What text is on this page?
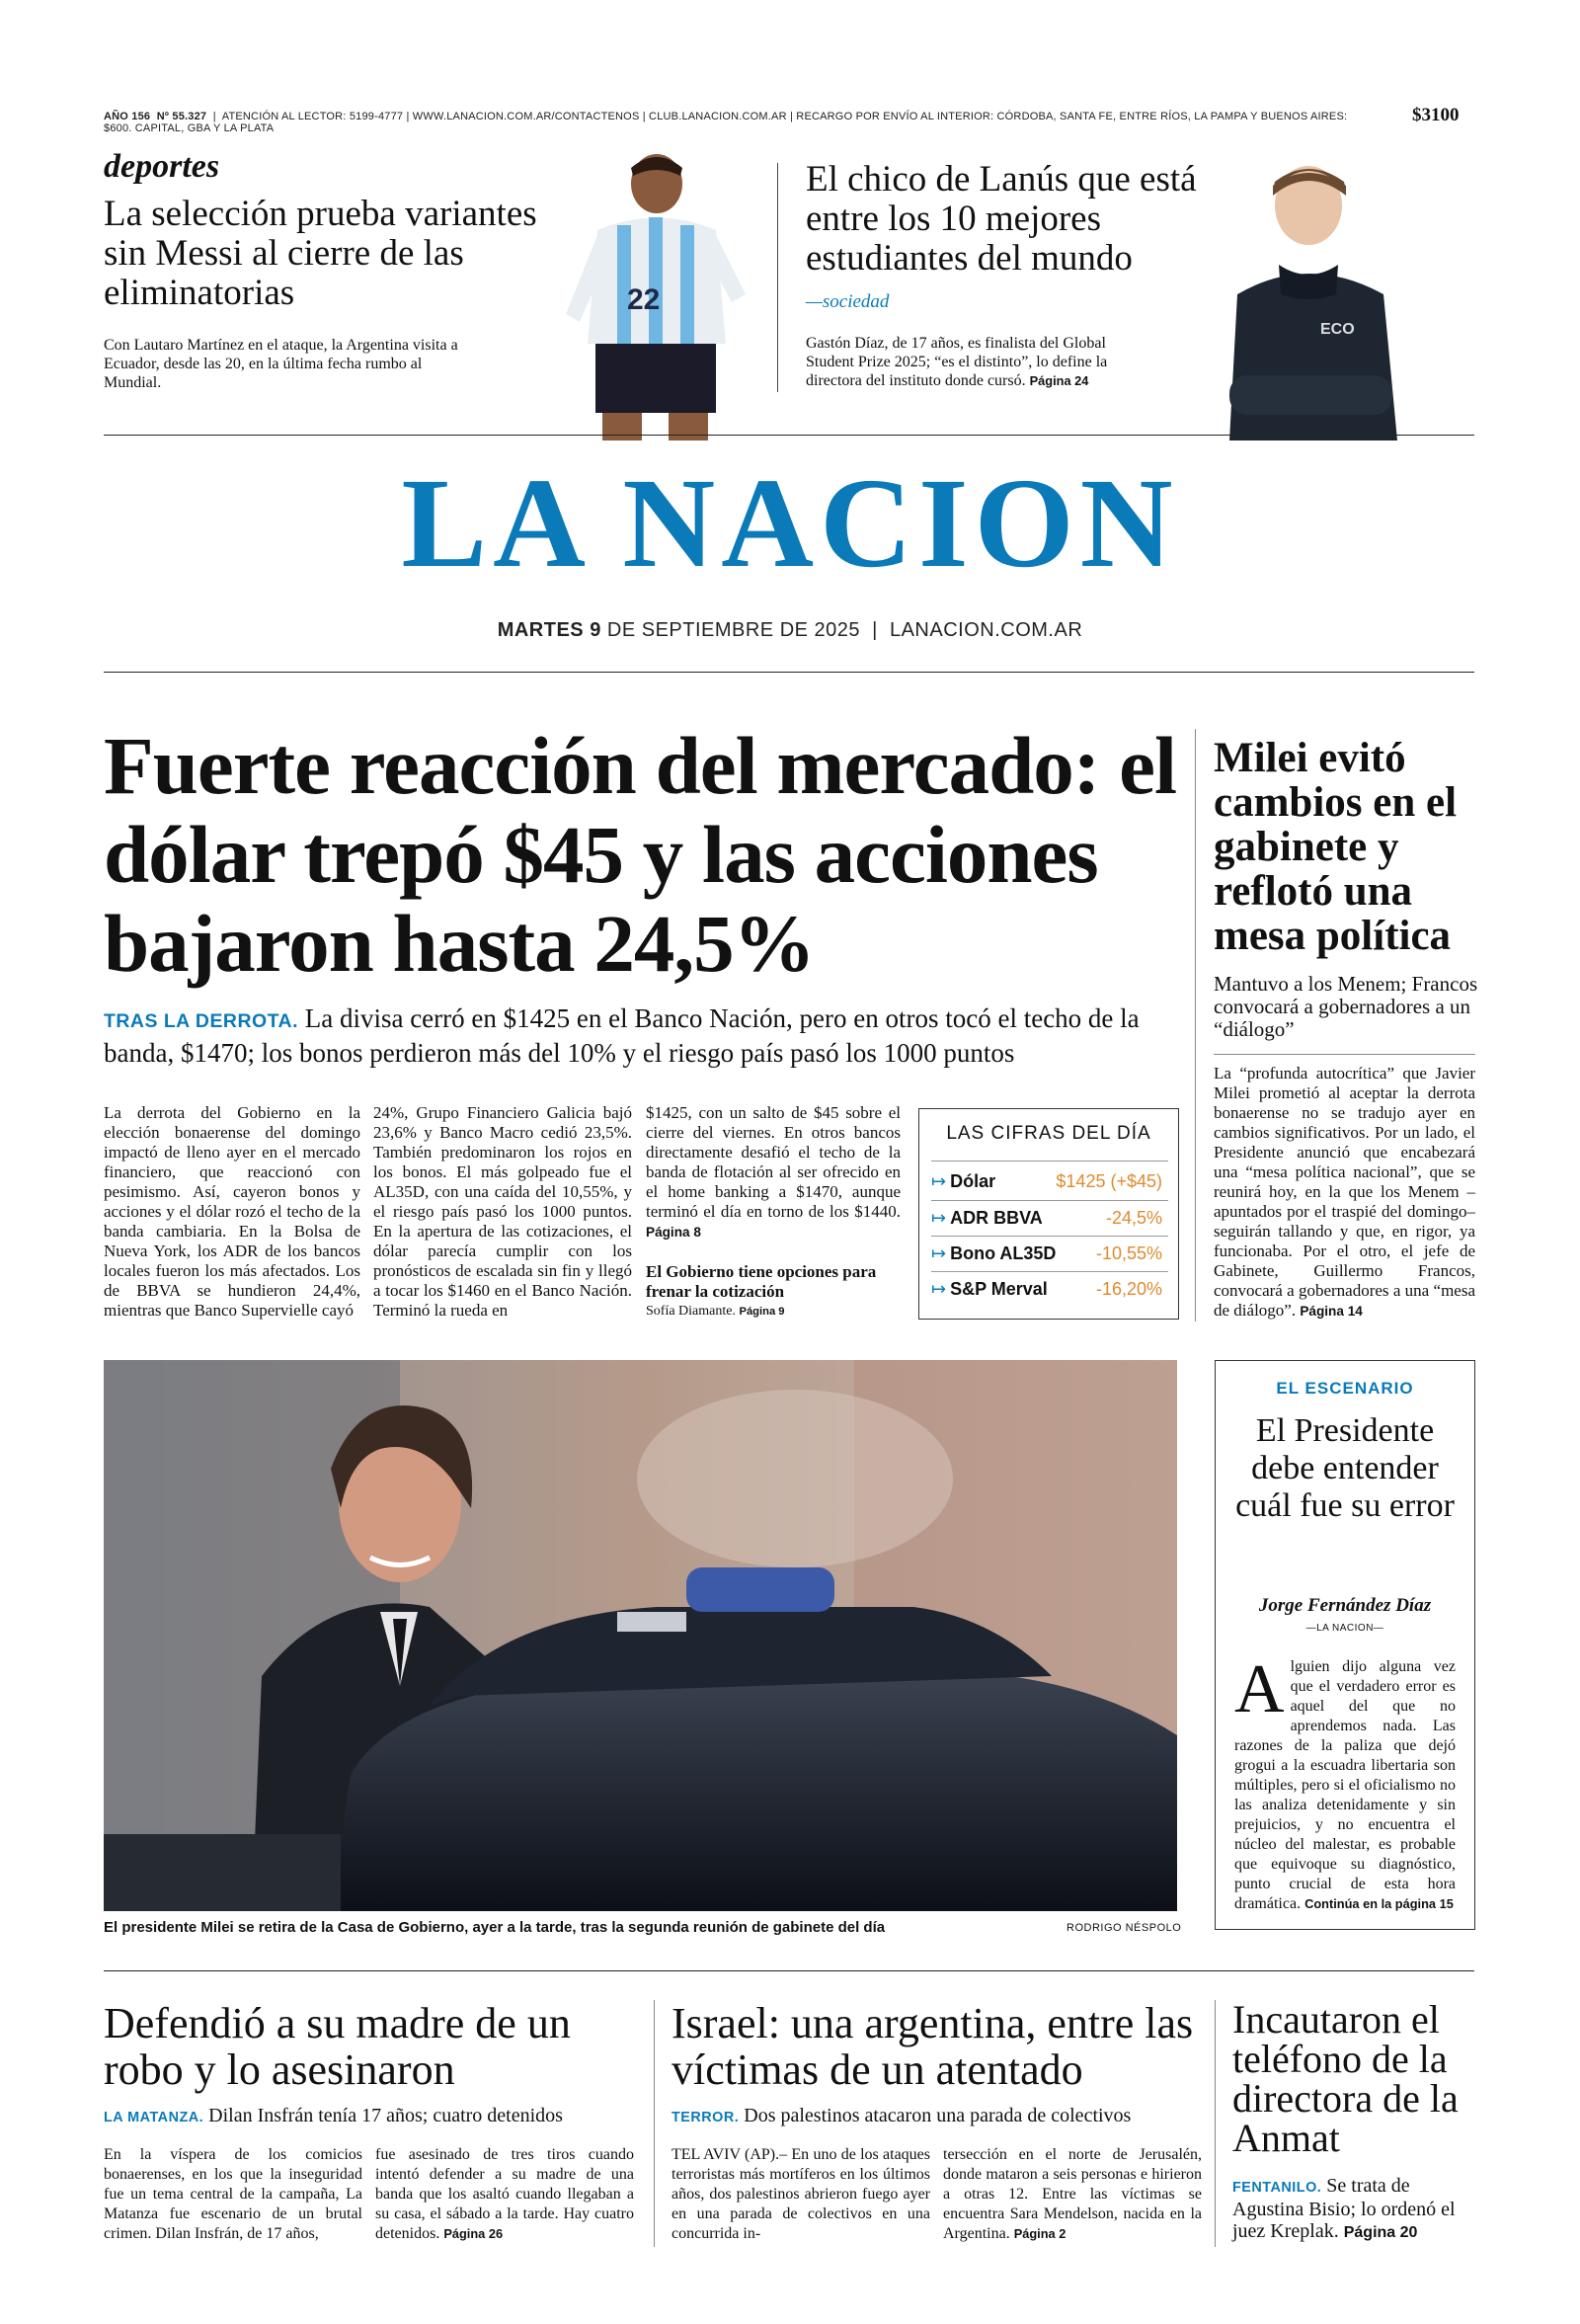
AÑO 156 Nº 55.327  |  ATENCIÓN AL LECTOR: 5199-4777 | WWW.LANACION.COM.AR/CONTACTENOS | CLUB.LANACION.COM.AR | RECARGO POR ENVÍO AL INTERIOR: CÓRDOBA, SANTA FE, ENTRE RÍOS, LA PAMPA Y BUENOS AIRES: $600. CAPITAL, GBA Y LA PLATA
$3100
deportes
La selección prueba variantes sin Messi al cierre de las eliminatorias
Con Lautaro Martínez en el ataque, la Argentina visita a Ecuador, desde las 20, en la última fecha rumbo al Mundial.
22
El chico de Lanús que está entre los 10 mejores estudiantes del mundo
—sociedad
Gastón Díaz, de 17 años, es finalista del Global Student Prize 2025; “es el distinto”, lo define la directora del instituto donde cursó. Página 24
ECO
LA NACION
MARTES 9 DE SEPTIEMBRE DE 2025  |  LANACION.COM.AR
Fuerte reacción del mercado: el dólar trepó $45 y las acciones bajaron hasta 24,5%
TRAS LA DERROTA. La divisa cerró en $1425 en el Banco Nación, pero en otros tocó el techo de la banda, $1470; los bonos perdieron más del 10% y el riesgo país pasó los 1000 puntos
La derrota del Gobierno en la elección bonaerense del domingo impactó de lleno ayer en el mercado financiero, que reaccionó con pesimismo. Así, cayeron bonos y acciones y el dólar rozó el techo de la banda cambiaria. En la Bolsa de Nueva York, los ADR de los bancos locales fueron los más afectados. Los de BBVA se hundieron 24,4%, mientras que Banco Supervielle cayó
24%, Grupo Financiero Galicia bajó 23,6% y Banco Macro cedió 23,5%. También predominaron los rojos en los bonos. El más golpeado fue el AL35D, con una caída del 10,55%, y el riesgo país pasó los 1000 puntos. En la apertura de las cotizaciones, el dólar parecía cumplir con los pronósticos de escalada sin fin y llegó a tocar los $1460 en el Banco Nación. Terminó la rueda en
$1425, con un salto de $45 sobre el cierre del viernes. En otros bancos directamente desafió el techo de la banda de flotación al ser ofrecido en el home banking a $1470, aunque terminó el día en torno de los $1440. Página 8
El Gobierno tiene opciones para frenar la cotización
Sofía Diamante. Página 9
LAS CIFRAS DEL DÍA
↦ Dólar	$1425 (+$45)
↦ ADR BBVA	-24,5%
↦ Bono AL35D -10,55%
↦ S&P Merval	-16,20%
Milei evitó cambios en el gabinete y reflotó una mesa política
Mantuvo a los Menem; Francos convocará a gobernadores a un “diálogo”
La “profunda autocrítica” que Javier Milei prometió al aceptar la derrota bonaerense no se tradujo ayer en cambios significativos. Por un lado, el Presidente anunció que encabezará una “mesa política nacional”, que se reunirá hoy, en la que los Menem –apuntados por el traspié del domingo– seguirán tallando y que, en rigor, ya funcionaba. Por el otro, el jefe de Gabinete, Guillermo Francos, convocará a gobernadores a una “mesa de diálogo”. Página 14
El presidente Milei se retira de la Casa de Gobierno, ayer a la tarde, tras la segunda reunión de gabinete del día	RODRIGO NÉSPOLO
EL ESCENARIO
El Presidente debe entender cuál fue su error
Jorge Fernández Díaz
—LA NACION—
Alguien dijo alguna vez que el verdadero error es aquel del que no aprendemos nada. Las razones de la paliza que dejó grogui a la escuadra libertaria son múltiples, pero si el oficialismo no las analiza detenidamente y sin prejuicios, y no encuentra el núcleo del malestar, es probable que equivoque su diagnóstico, punto crucial de esta hora dramática. Continúa en la página 15
Defendió a su madre de un robo y lo asesinaron
LA MATANZA. Dilan Insfrán tenía 17 años; cuatro detenidos
En la víspera de los comicios bonaerenses, en los que la inseguridad fue un tema central de la campaña, La Matanza fue escenario de un brutal crimen. Dilan Insfrán, de 17 años,
fue asesinado de tres tiros cuando intentó defender a su madre de una banda que los asaltó cuando llegaban a su casa, el sábado a la tarde. Hay cuatro detenidos. Página 26
Israel: una argentina, entre las víctimas de un atentado
TERROR. Dos palestinos atacaron una parada de colectivos
TEL AVIV (AP).– En uno de los ataques terroristas más mortíferos en los últimos años, dos palestinos abrieron fuego ayer en una parada de colectivos en una concurrida in-
tersección en el norte de Jerusalén, donde mataron a seis personas e hirieron a otras 12. Entre las víctimas se encuentra Sara Mendelson, nacida en la Argentina. Página 2
Incautaron el teléfono de la directora de la Anmat
FENTANILO. Se trata de Agustina Bisio; lo ordenó el juez Kreplak. Página 20
